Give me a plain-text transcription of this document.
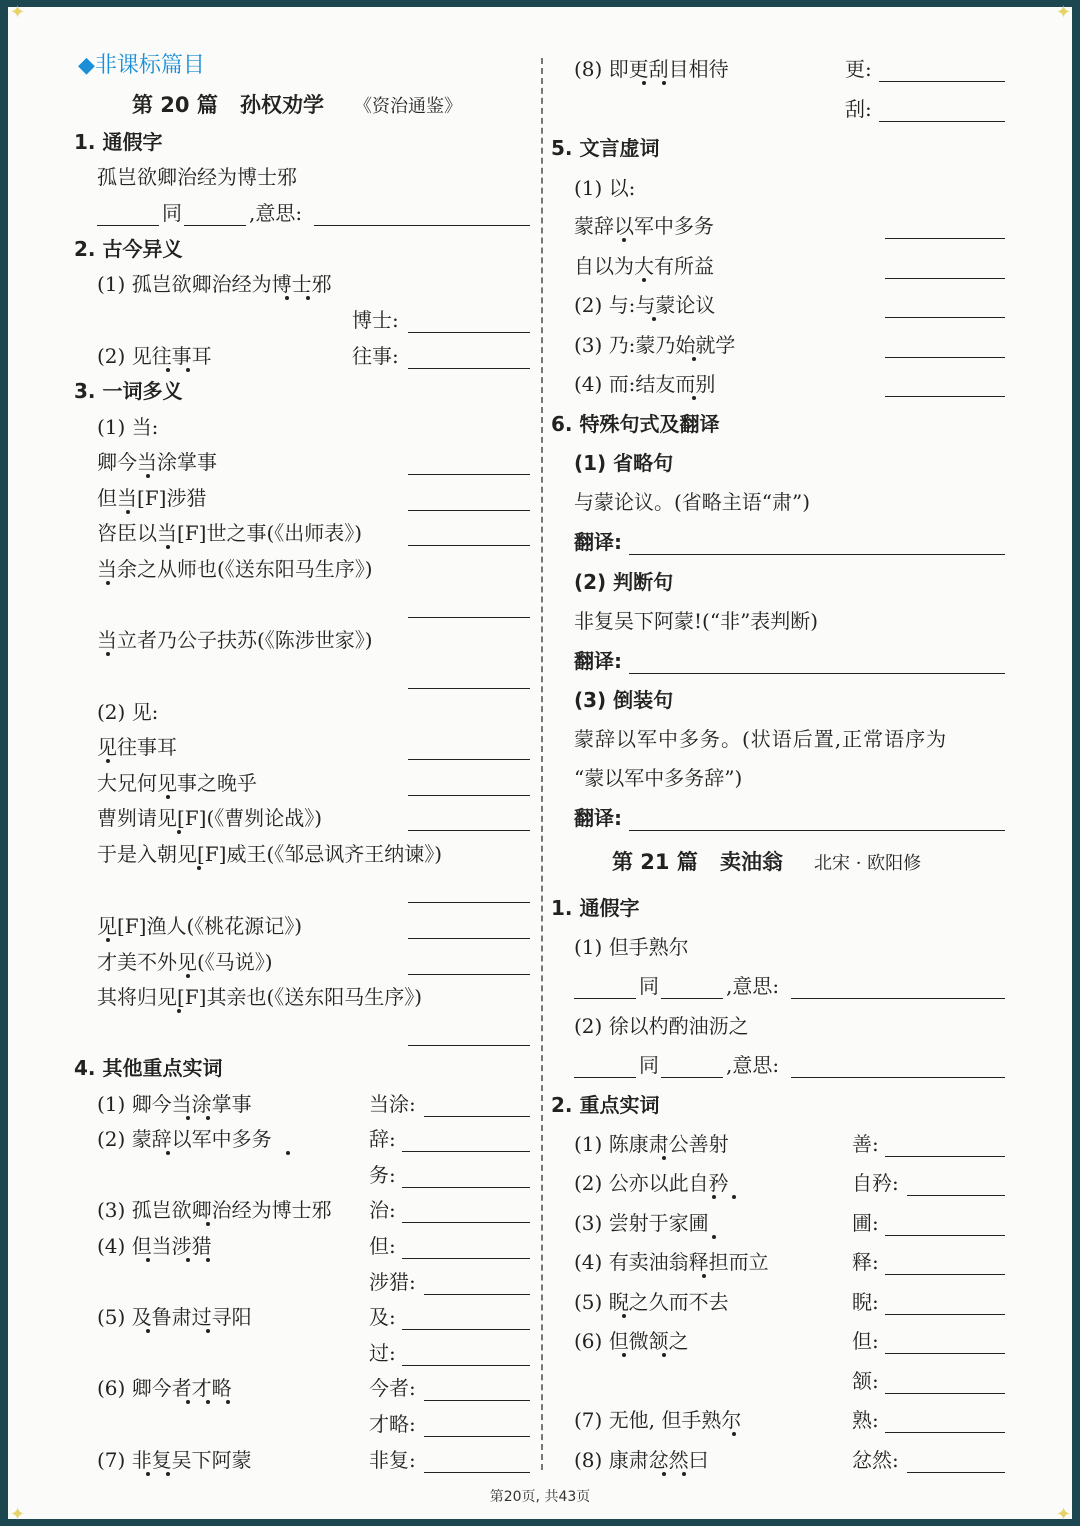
✦	✦
✦	✦
◆非课标篇目
第 20 篇 孙权劝学 《资治通鉴》
1. 通假字
孤岂欲卿治经为博士邪
同	,意思:
2. 古今异义
(1) 孤岂欲卿治经为博士邪
博士:
(2) 见往事耳	往事:
3. 一词多义
(1) 当:
卿今当涂掌事
但当[F]涉猎
咨臣以当[F]世之事(《出师表》)
当余之从师也(《送东阳马生序》)
当立者乃公子扶苏(《陈涉世家》)
(2) 见:
见往事耳
大兄何见事之晚乎
曹刿请见[F](《曹刿论战》)
于是入朝见[F]威王(《邹忌讽齐王纳谏》)
见[F]渔人(《桃花源记》)
才美不外见(《马说》)
其将归见[F]其亲也(《送东阳马生序》)
4. 其他重点实词
(1) 卿今当涂掌事	当涂:
(2) 蒙辞以军中多务	辞:
务:
(3) 孤岂欲卿治经为博士邪 治:
(4) 但当涉猎	但:
涉猎:
(5) 及鲁肃过寻阳	及:
过:
(6) 卿今者才略	今者:
才略:
(7) 非复吴下阿蒙	非复:
(8) 即更刮目相待	更:
刮:
5. 文言虚词
(1) 以:
蒙辞以军中多务
自以为大有所益
(2) 与:与蒙论议
(3) 乃:蒙乃始就学
(4) 而:结友而别
6. 特殊句式及翻译
(1) 省略句
与蒙论议。(省略主语“肃”)
翻译:
(2) 判断句
非复吴下阿蒙!(“非”表判断)
翻译:
(3) 倒装句
蒙辞以军中多务。(状语后置,正常语序为
“蒙以军中多务辞”)
翻译:
第 21 篇 卖油翁 北宋 · 欧阳修
1. 通假字
(1) 但手熟尔
同	,意思:
(2) 徐以杓酌油沥之
同	,意思:
2. 重点实词
(1) 陈康肃公善射	善:
(2) 公亦以此自矜	自矜:
(3) 尝射于家圃	圃:
(4) 有卖油翁释担而立	释:
(5) 睨之久而不去	睨:
(6) 但微颔之	但:
颔:
(7) 无他, 但手熟尔	熟:
(8) 康肃忿然曰	忿然:
第20页, 共43页
